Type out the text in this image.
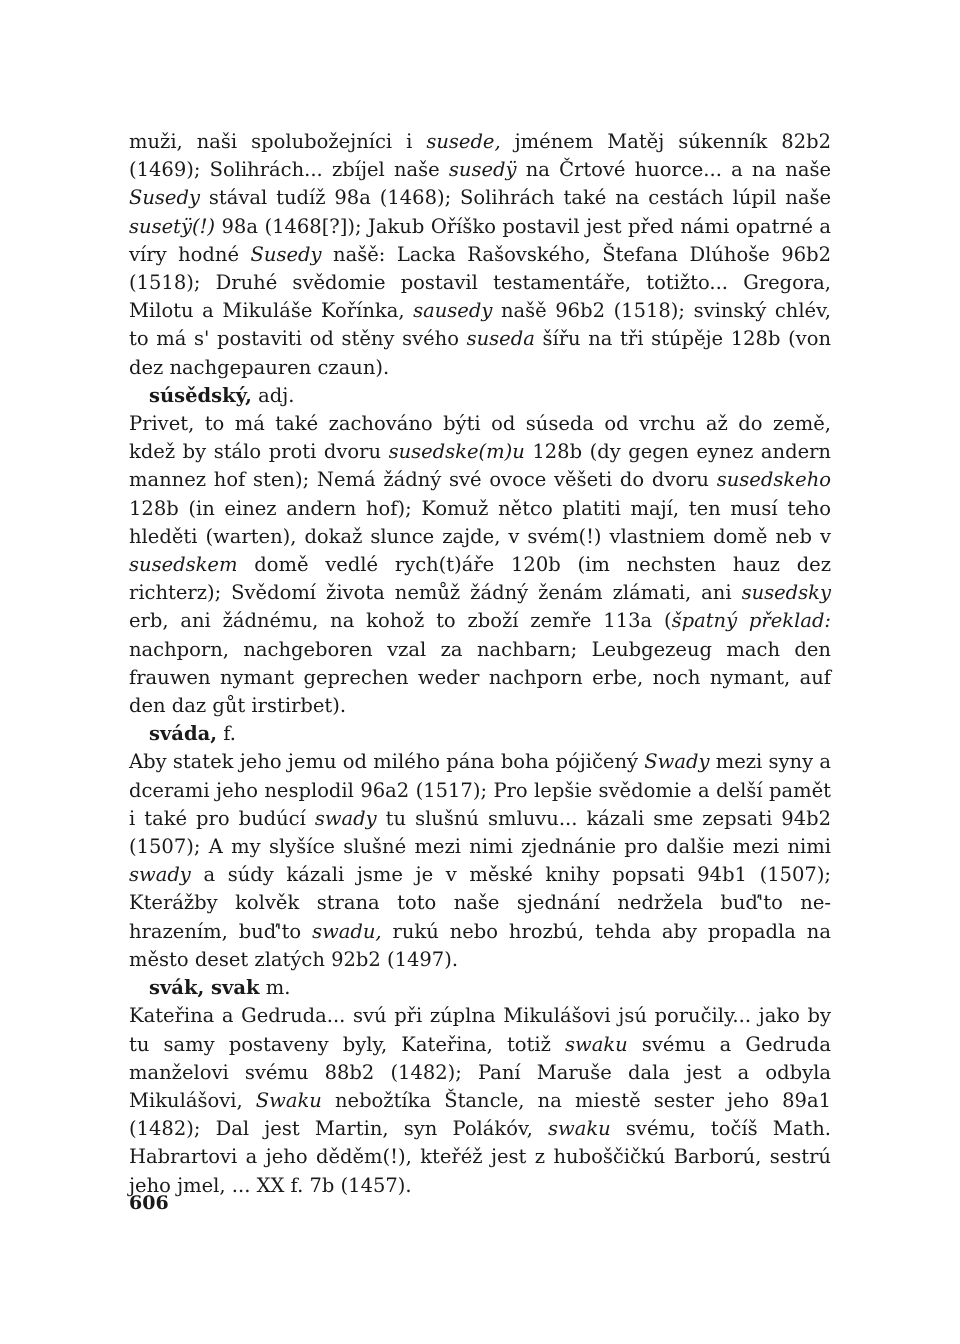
muži, naši spolubožejníci i susede, jménem Matěj súkenník 82b2 (1469); Solihrách... zbíjel naše susedÿ na Črtové huorce... a na naše Susedy stával tudíž 98a (1468); Solihrách také na cestách lúpil naše susetÿ(!) 98a (1468[?]); Jakub Oříško postavil jest před námi opatrné a víry hodné Susedy našě: Lacka Rašovského, Štefana Dlúhoše 96b2 (1518); Druhé svědomie postavil testamentáře, totižto... Gregora, Milotu a Mikuláše Kořínka, sausedy našě 96b2 (1518); svinský chlév, to má s' postaviti od stěny svého suseda šířu na tři stúpěje 128b (von dez nachgepauren czaun).
súsědský, adj.
Privet, to má také zachováno býti od súseda od vrchu až do země, kdež by stálo proti dvoru susedske(m)u 128b (dy gegen eynez andern mannez hof sten); Nemá žádný své ovoce věšeti do dvoru susedskeho 128b (in einez andern hof); Komuž nětco platiti mají, ten musí teho hleděti (warten), dokaž slunce zajde, v svém(!) vlastniem domě neb v susedskem domě vedlé rych(t)áře 120b (im nechsten hauz dez richterz); Svědomí života nemůž žádný ženám zlámati, ani susedsky erb, ani žádnému, na kohož to zboží zemře 113a (špatný překlad: nachporn, nachgeboren vzal za nachbarn; Leubgezeug mach den frauwen nymant geprechen weder nachporn erbe, noch nymant, auf den daz gůt irstirbet).
sváda, f.
Aby statek jeho jemu od milého pána boha pójičený Swady mezi syny a dcerami jeho nesplodil 96a2 (1517); Pro lepšie svědomie a delší pamět i také pro budúcí swady tu slušnú smluvu... kázali sme zepsati 94b2 (1507); A my slyšíce slušné mezi nimi zjednánie pro dalšie mezi nimi swady a súdy kázali jsme je v měské knihy popsati 94b1 (1507); Kterážby kolvěk strana toto naše sjednání nedržela buď'to nehrazením, buď'to swadu, rukú nebo hrozbú, tehda aby propadla na město deset zlatých 92b2 (1497).
svák, svak m.
Kateřina a Gedruda... svú při zúplna Mikulášovi jsú poručily... jako by tu samy postaveny byly, Kateřina, totiž swaku svému a Gedruda manželovi svému 88b2 (1482); Paní Maruše dala jest a odbyla Mikulášovi, Swaku nebožtíka Štancle, na miestě sester jeho 89a1 (1482); Dal jest Martin, syn Polákóv, swaku svému, točíš Math. Habrartovi a jeho děděm(!), kteřéž jest z huboščičkú Barború, sestrú jeho jmel, ... XX f. 7b (1457).
606
